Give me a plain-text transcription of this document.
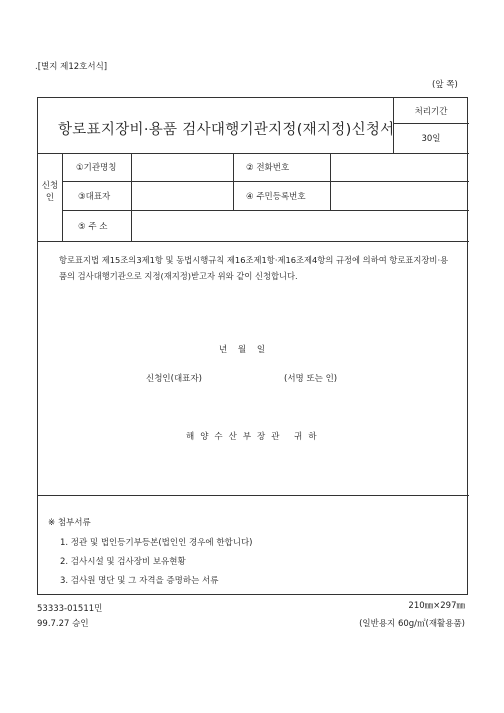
.[별지 제12호서식]
(앞 쪽)
항로표지장비·용품 검사대행기관지정(재지정)신청서
처리기간
30일
신청인
①기관명칭	② 전화번호
③대표자	④ 주민등록번호
⑤ 주 소
항로표지법 제15조의3제1항 및 동법시행규칙 제16조제1항·제16조제4항의 규정에 의하여 항로표지장비·용품의 검사대행기관으로 지정(재지정)받고자 위와 같이 신청합니다.
년 월 일
신청인(대표자)	(서명 또는 인)
해양수산부장관 귀하
※ 첨부서류
1. 정관 및 법인등기부등본(법인인 경우에 한합니다)
2. 검사시설 및 검사장비 보유현황
3. 검사원 명단 및 그 자격을 증명하는 서류
53333-01511민
99.7.27 승인
210㎜×297㎜
(일반용지 60g/㎡(재활용품)
